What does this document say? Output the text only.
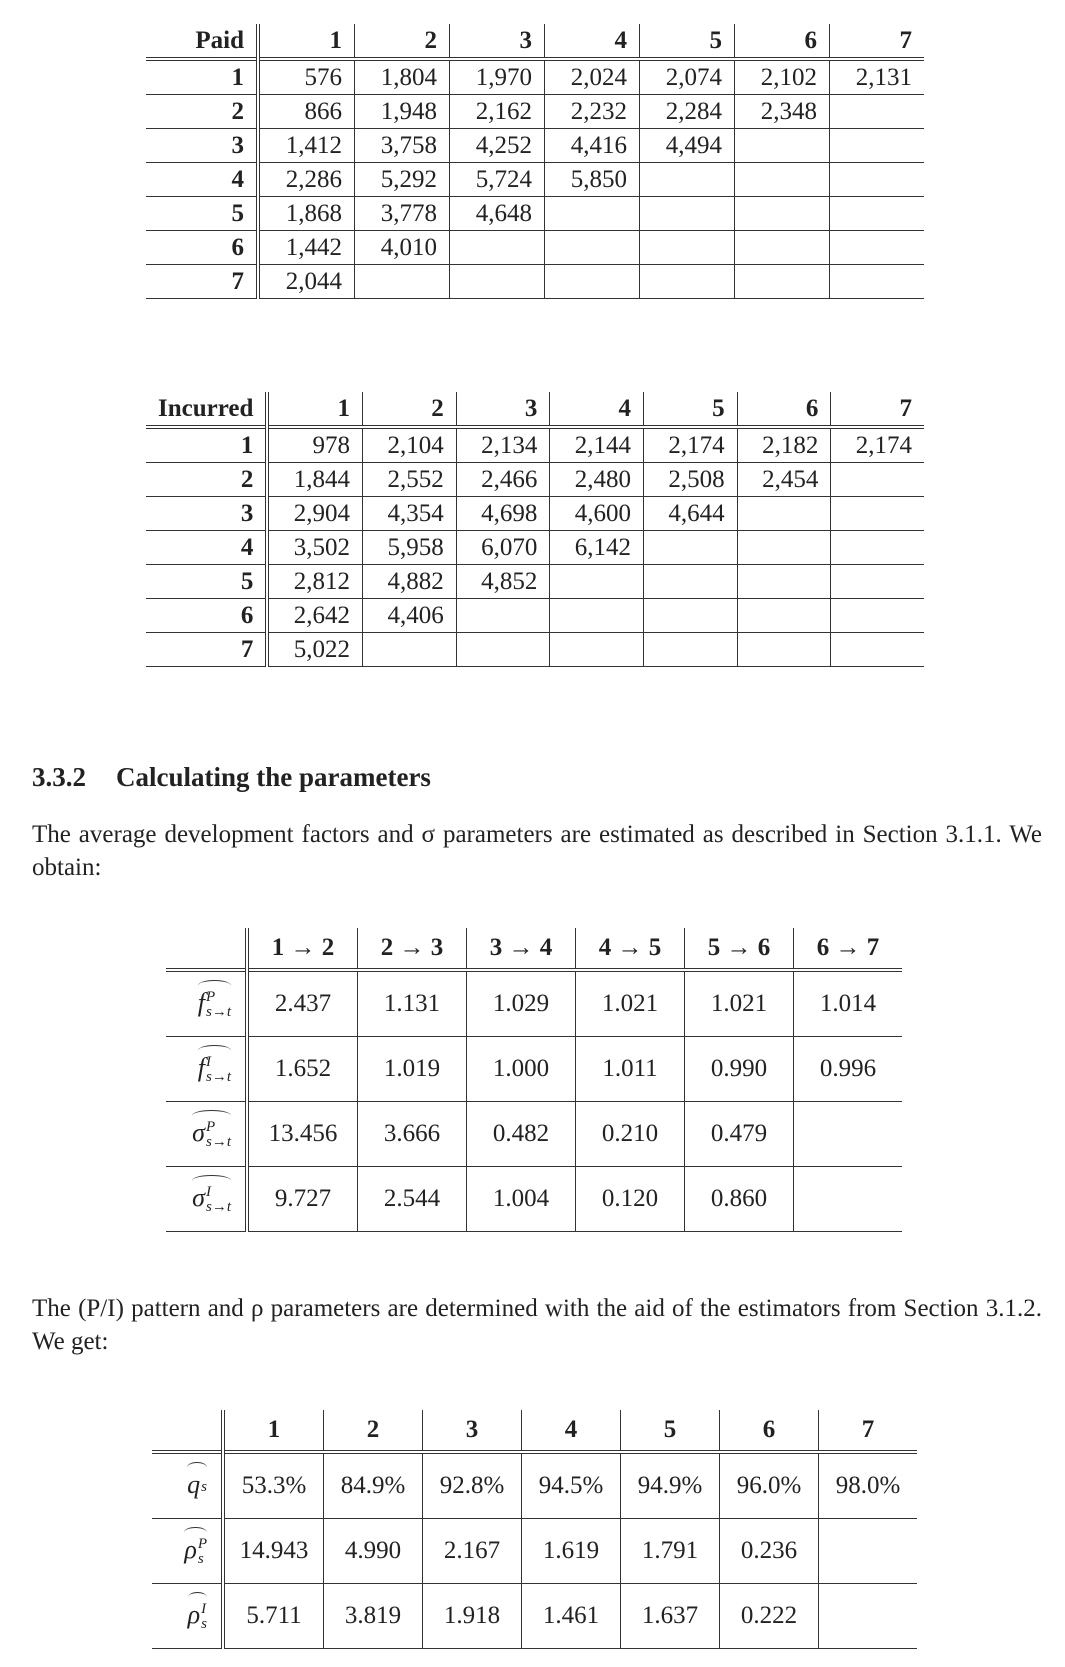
Paid	1	2	3	4	5	6	7
1	576	1,804	1,970	2,024	2,074	2,102	2,131
2	866	1,948	2,162	2,232	2,284	2,348	
3	1,412	3,758	4,252	4,416	4,494		
4	2,286	5,292	5,724	5,850			
5	1,868	3,778	4,648				
6	1,442	4,010					
7	2,044						
Incurred	1	2	3	4	5	6	7
1	978	2,104	2,134	2,144	2,174	2,182	2,174
2	1,844	2,552	2,466	2,480	2,508	2,454	
3	2,904	4,354	4,698	4,600	4,644		
4	3,502	5,958	6,070	6,142			
5	2,812	4,882	4,852				
6	2,642	4,406					
7	5,022						
3.3.2 Calculating the parameters

The average development factors and σ parameters are estimated as described in Section 3.1.1. We obtain:

	1 → 2	2 → 3	3 → 4	4 → 5	5 → 6	6 → 7

f P
s→t	2.437	1.131	1.029	1.021	1.021	1.014

f I
s→t	1.652	1.019	1.000	1.011	0.990	0.996

σ P
s→t	13.456	3.666	0.482	0.210	0.479	

σ I
s→t	9.727	2.544	1.004	0.120	0.860	

The (P/I) pattern and ρ parameters are determined with the aid of the estimators from Section 3.1.2. We get:

	1	2	3	4	5	6	7

q s	53.3%	84.9%	92.8%	94.5%	94.9%	96.0%	98.0%

ρ P
s	14.943	4.990	2.167	1.619	1.791	0.236	

ρ I
s	5.711	3.819	1.918	1.461	1.637	0.222	
